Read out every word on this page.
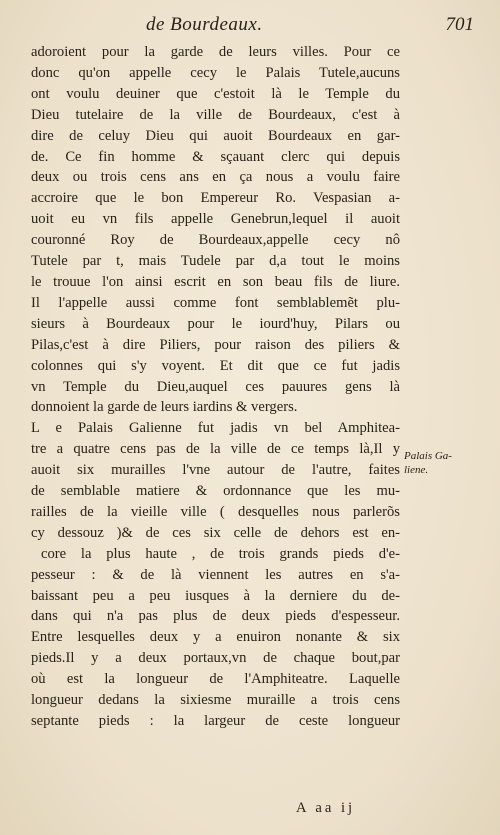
de Bourdeaux.	701
adoroient pour la garde de leurs villes. Pour ce
donc qu'on appelle cecy le Palais Tutele,aucuns
ont voulu deuiner que c'estoit là le Temple du
Dieu tutelaire de la ville de Bourdeaux, c'est à
dire de celuy Dieu qui auoit Bourdeaux en gar-
de. Ce fin homme & sçauant clerc qui depuis
deux ou trois cens ans en ça nous a voulu faire
accroire que le bon Empereur Ro. Vespasian a-
uoit eu vn fils appelle Genebrun,lequel il auoit
couronné Roy de Bourdeaux,appelle cecy nô
Tutele par t, mais Tudele par d,a tout le moins
le trouue l'on ainsi escrit en son beau fils de liure.
Il l'appelle aussi comme font semblablemẽt plu-
sieurs à Bourdeaux pour le iourd'huy, Pilars ou
Pilas,c'est à dire Piliers, pour raison des piliers &
colonnes qui s'y voyent. Et dit que ce fut jadis
vn Temple du Dieu,auquel ces pauures gens là
donnoient la garde de leurs iardins & vergers.
L e Palais Galienne fut jadis vn bel Amphitea-
tre a quatre cens pas de la ville de ce temps là,Il y
auoit six murailles l'vne autour de l'autre, faites
de semblable matiere & ordonnance que les mu-
railles de la vieille ville ( desquelles nous parlerõs
cy dessouz )& de ces six celle de dehors est en-
core la plus haute , de trois grands pieds d'e-
pesseur : & de là viennent les autres en s'a-
baissant peu a peu iusques à la derniere du de-
dans qui n'a pas plus de deux pieds d'espesseur.
Entre lesquelles deux y a enuiron nonante & six
pieds.Il y a deux portaux,vn de chaque bout,par
où est la longueur de l'Amphiteatre. Laquelle
longueur dedans la sixiesme muraille a trois cens
septante pieds : la largeur de ceste longueur
Palais Ga-
liene.
A aa ij
